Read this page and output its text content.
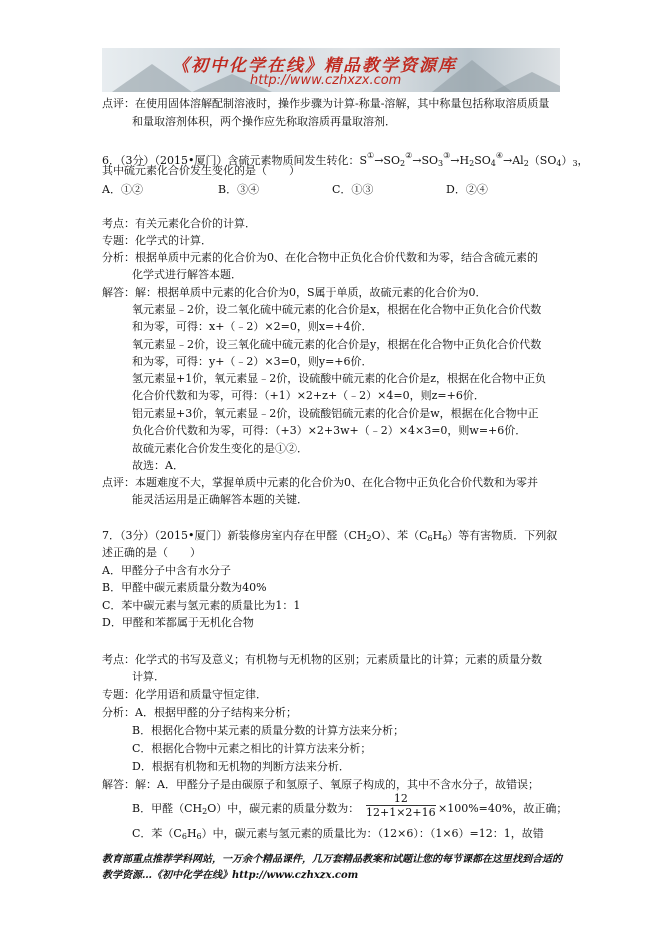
《初中化学在线》精品教学资源库
http://www.czhxzx.com
点评：在使用固体溶解配制溶液时，操作步骤为计算-称量-溶解，其中称量包括称取溶质质量
和量取溶剂体积，两个操作应先称取溶质再量取溶剂．
6．（3分）（2015•厦门）含硫元素物质间发生转化：$S^①\to SO_2^②\to SO_3^③\to H_2SO_4^④\to Al_2(SO_4)_3$，
其中硫元素化合价发生变化的是（　　）
A．①②	B．③④	C．①③	D．②④
考点：有关元素化合价的计算．
专题：化学式的计算．
分析：根据单质中元素的化合价为0、在化合物中正负化合价代数和为零，结合含硫元素的
化学式进行解答本题．
解答：解：根据单质中元素的化合价为0，S属于单质，故硫元素的化合价为0．
氧元素显﹣2价，设二氧化硫中硫元素的化合价是x，根据在化合物中正负化合价代数
和为零，可得：x+（﹣2）×2=0，则x=+4价．
氧元素显﹣2价，设三氧化硫中硫元素的化合价是y，根据在化合物中正负化合价代数
和为零，可得：y+（﹣2）×3=0，则y=+6价．
氢元素显+1价，氧元素显﹣2价，设硫酸中硫元素的化合价是z，根据在化合物中正负
化合价代数和为零，可得：（+1）×2+z+（﹣2）×4=0，则z=+6价．
铝元素显+3价，氧元素显﹣2价，设硫酸铝硫元素的化合价是w，根据在化合物中正
负化合价代数和为零，可得：（+3）×2+3w+（﹣2）×4×3=0，则w=+6价．
故硫元素化合价发生变化的是①②．
故选：A．
点评：本题难度不大，掌握单质中元素的化合价为0、在化合物中正负化合价代数和为零并
能灵活运用是正确解答本题的关键．
7．（3分）（2015•厦门）新装修房室内存在甲醛$(CH_2O)$、苯$(C_6H_6)$等有害物质．下列叙
述正确的是（　　）
A．甲醛分子中含有水分子
B．甲醛中碳元素质量分数为40%
C．苯中碳元素与氢元素的质量比为1：1
D．甲醛和苯都属于无机化合物
考点：化学式的书写及意义；有机物与无机物的区别；元素质量比的计算；元素的质量分数
计算．
专题：化学用语和质量守恒定律．
分析：A．根据甲醛的分子结构来分析；
B．根据化合物中某元素的质量分数的计算方法来分析；
C．根据化合物中元素之相比的计算方法来分析；
D．根据有机物和无机物的判断方法来分析．
解答：解：A．甲醛分子是由碳原子和氢原子、氧原子构成的，其中不含水分子，故错误；
B．甲醛$(CH_2O)$中，碳元素的质量分数为： $\frac{12}{12+1\times 2+16} \times 100\%=40\%$，故正确；
C．苯$(C_6H_6)$中，碳元素与氢元素的质量比为：（12×6）：（1×6）=12：1，故错
教育部重点推荐学科网站，一万余个精品课件，几万套精品教案和试题让您的每节课都在这里找到合适的
教学资源…《初中化学在线》http://www.czhxzx.com
